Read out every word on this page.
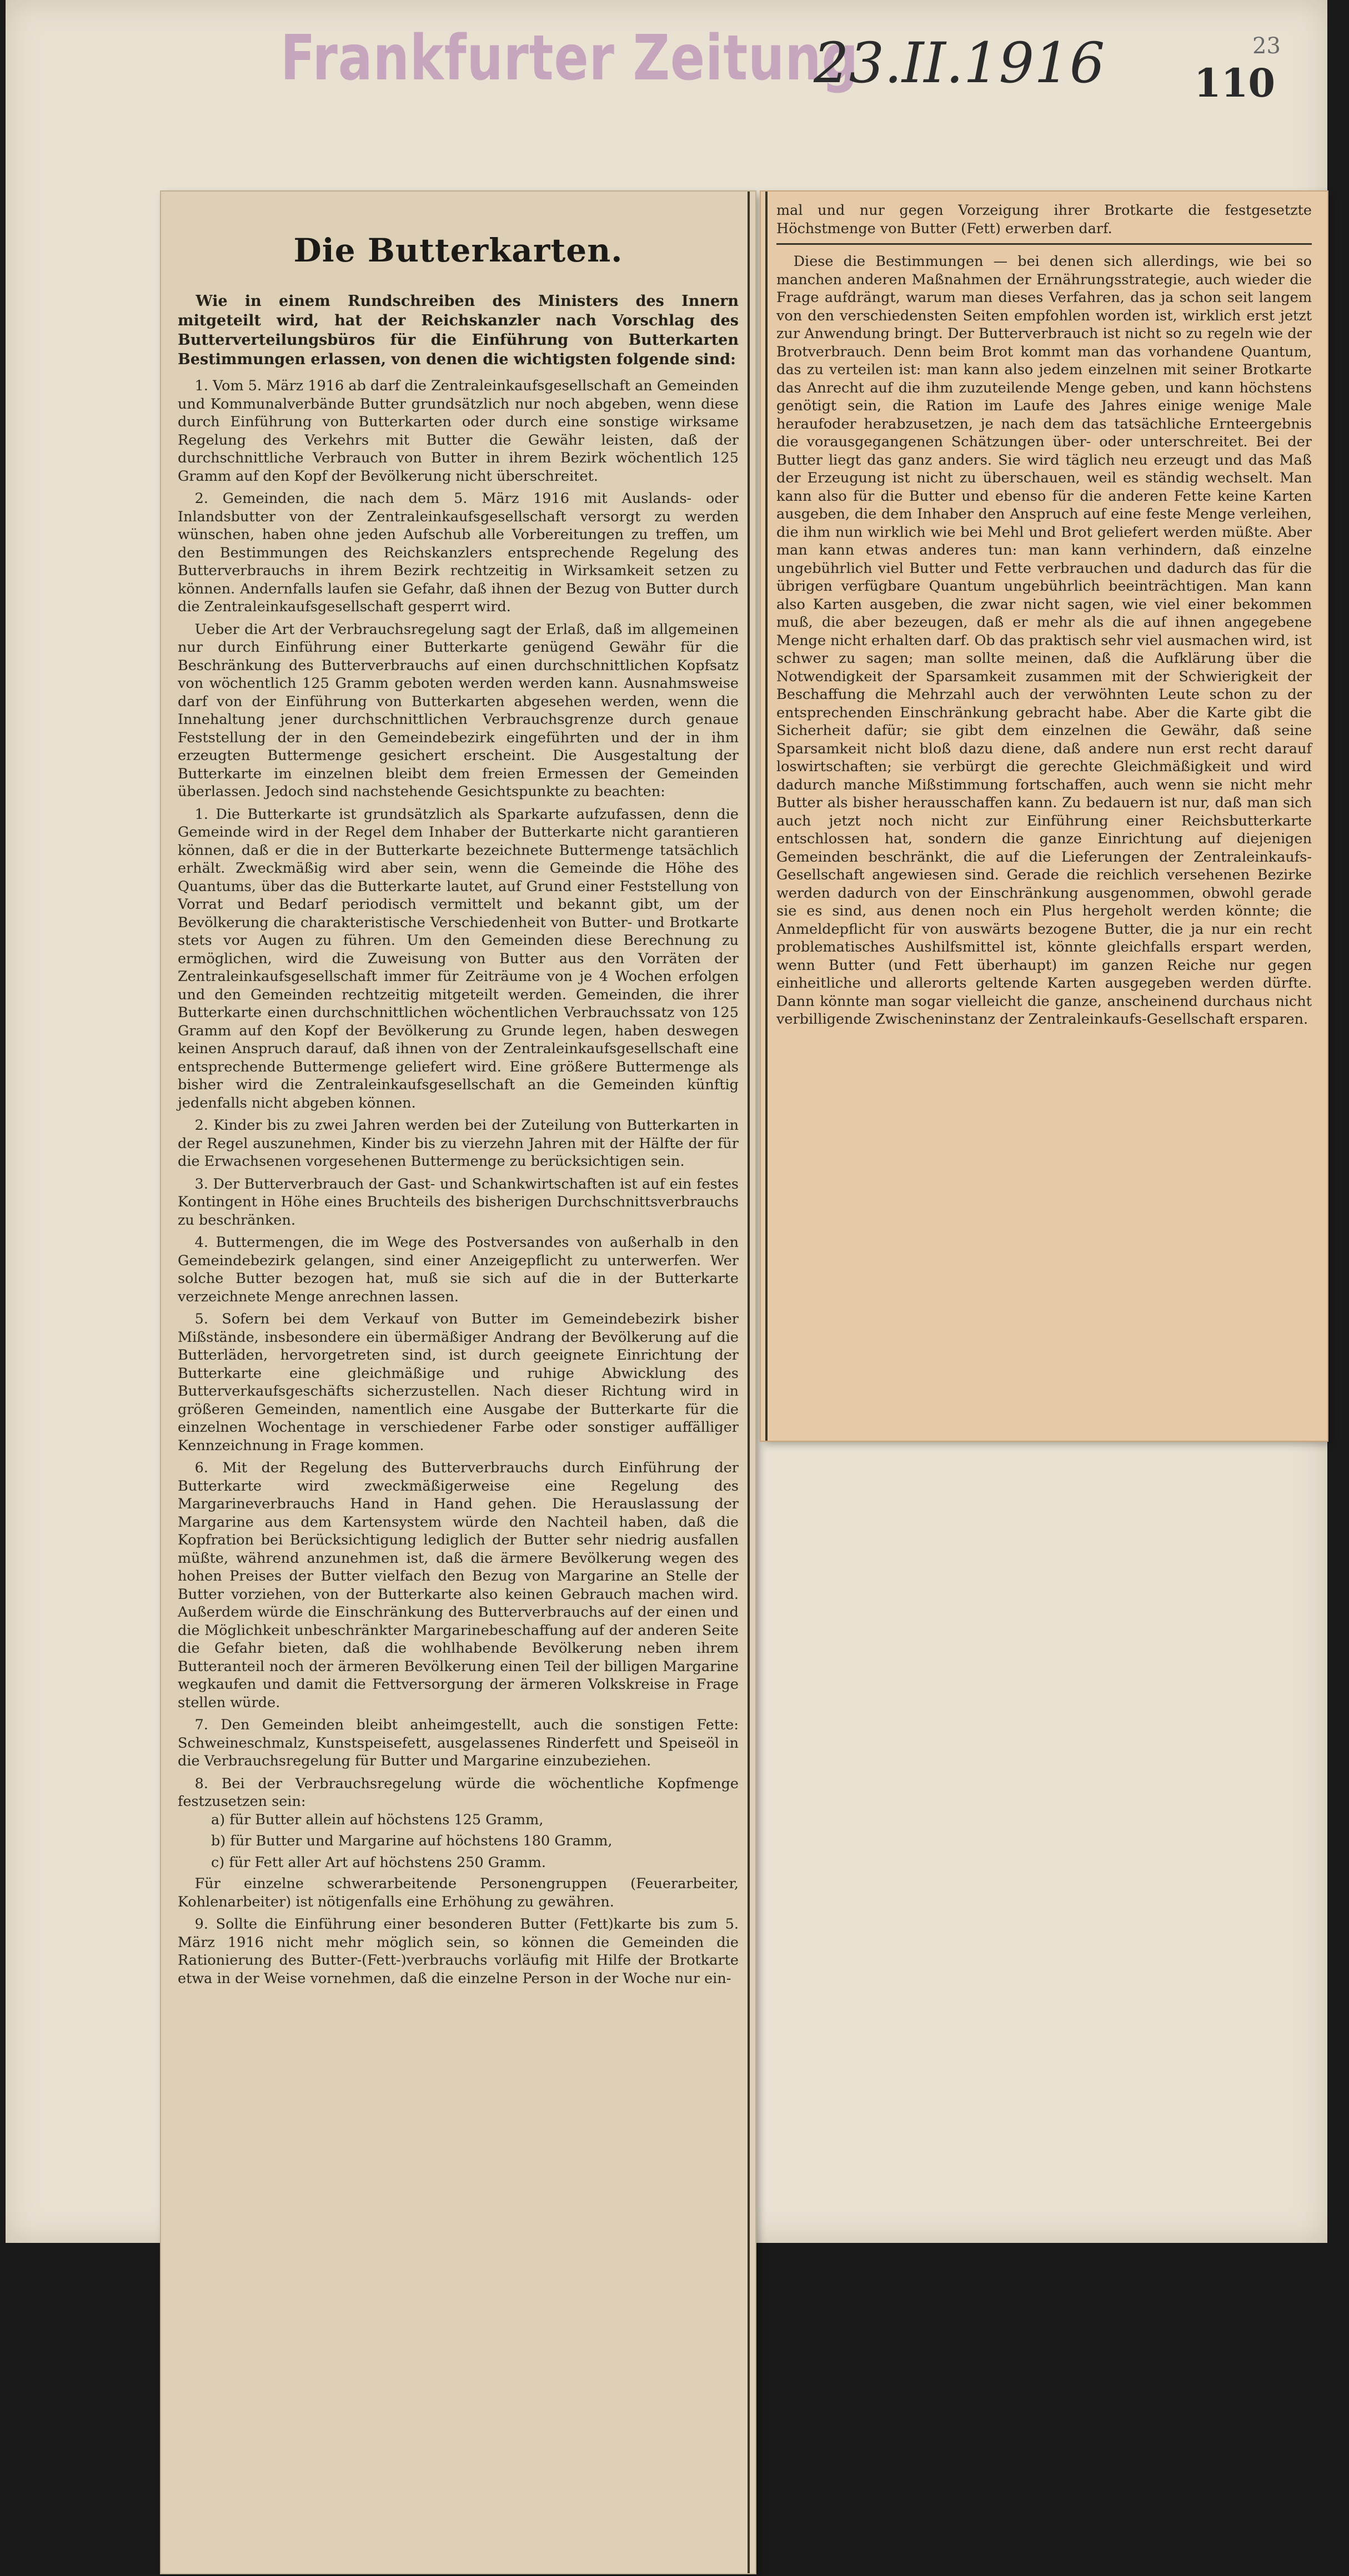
Frankfurter Zeitung
23.II.1916 110
23
Die Butterkarten.

Wie in einem Rundschreiben des Ministers des Innern mitgeteilt wird, hat der Reichskanzler nach Vorschlag des Butterverteilungsbüros für die Einführung von Butterkarten Bestimmungen erlassen, von denen die wichtigsten folgende sind:

1. Vom 5. März 1916 ab darf die Zentraleinkaufsgesellschaft an Gemeinden und Kommunalverbände Butter grundsätzlich nur noch abgeben, wenn diese durch Einführung von Butterkarten oder durch eine sonstige wirksame Regelung des Verkehrs mit Butter die Gewähr leisten, daß der durchschnittliche Verbrauch von Butter in ihrem Bezirk wöchentlich 125 Gramm auf den Kopf der Bevölkerung nicht überschreitet.

2. Gemeinden, die nach dem 5. März 1916 mit Auslands- oder Inlandsbutter von der Zentraleinkaufsgesellschaft versorgt zu werden wünschen, haben ohne jeden Aufschub alle Vorbereitungen zu treffen, um den Bestimmungen des Reichskanzlers entsprechende Regelung des Butterverbrauchs in ihrem Bezirk rechtzeitig in Wirksamkeit setzen zu können. Andernfalls laufen sie Gefahr, daß ihnen der Bezug von Butter durch die Zentraleinkaufsgesellschaft gesperrt wird.

Ueber die Art der Verbrauchsregelung sagt der Erlaß, daß im allgemeinen nur durch Einführung einer Butterkarte genügend Gewähr für die Beschränkung des Butterverbrauchs auf einen durchschnittlichen Kopfsatz von wöchentlich 125 Gramm geboten werden werden kann. Ausnahmsweise darf von der Einführung von Butterkarten abgesehen werden, wenn die Innehaltung jener durchschnittlichen Verbrauchsgrenze durch genaue Feststellung der in den Gemeindebezirk eingeführten und der in ihm erzeugten Buttermenge gesichert erscheint. Die Ausgestaltung der Butterkarte im einzelnen bleibt dem freien Ermessen der Gemeinden überlassen. Jedoch sind nachstehende Gesichtspunkte zu beachten:

1. Die Butterkarte ist grundsätzlich als Sparkarte aufzufassen, denn die Gemeinde wird in der Regel dem Inhaber der Butterkarte nicht garantieren können, daß er die in der Butterkarte bezeichnete Buttermenge tatsächlich erhält. Zweckmäßig wird aber sein, wenn die Gemeinde die Höhe des Quantums, über das die Butterkarte lautet, auf Grund einer Feststellung von Vorrat und Bedarf periodisch vermittelt und bekannt gibt, um der Bevölkerung die charakteristische Verschiedenheit von Butter- und Brotkarte stets vor Augen zu führen. Um den Gemeinden diese Berechnung zu ermöglichen, wird die Zuweisung von Butter aus den Vorräten der Zentraleinkaufsgesellschaft immer für Zeiträume von je 4 Wochen erfolgen und den Gemeinden rechtzeitig mitgeteilt werden. Gemeinden, die ihrer Butterkarte einen durchschnittlichen wöchentlichen Verbrauchssatz von 125 Gramm auf den Kopf der Bevölkerung zu Grunde legen, haben deswegen keinen Anspruch darauf, daß ihnen von der Zentraleinkaufsgesellschaft eine entsprechende Buttermenge geliefert wird. Eine größere Buttermenge als bisher wird die Zentraleinkaufsgesellschaft an die Gemeinden künftig jedenfalls nicht abgeben können.

2. Kinder bis zu zwei Jahren werden bei der Zuteilung von Butterkarten in der Regel auszunehmen, Kinder bis zu vierzehn Jahren mit der Hälfte der für die Erwachsenen vorgesehenen Buttermenge zu berücksichtigen sein.

3. Der Butterverbrauch der Gast- und Schankwirtschaften ist auf ein festes Kontingent in Höhe eines Bruchteils des bisherigen Durchschnittsverbrauchs zu beschränken.

4. Buttermengen, die im Wege des Postversandes von außerhalb in den Gemeindebezirk gelangen, sind einer Anzeigepflicht zu unterwerfen. Wer solche Butter bezogen hat, muß sie sich auf die in der Butterkarte verzeichnete Menge anrechnen lassen.

5. Sofern bei dem Verkauf von Butter im Gemeindebezirk bisher Mißstände, insbesondere ein übermäßiger Andrang der Bevölkerung auf die Butterläden, hervorgetreten sind, ist durch geeignete Einrichtung der Butterkarte eine gleichmäßige und ruhige Abwicklung des Butterverkaufsgeschäfts sicherzustellen. Nach dieser Richtung wird in größeren Gemeinden, namentlich eine Ausgabe der Butterkarte für die einzelnen Wochentage in verschiedener Farbe oder sonstiger auffälliger Kennzeichnung in Frage kommen.

6. Mit der Regelung des Butterverbrauchs durch Einführung der Butterkarte wird zweckmäßigerweise eine Regelung des Margarineverbrauchs Hand in Hand gehen. Die Herauslassung der Margarine aus dem Kartensystem würde den Nachteil haben, daß die Kopfration bei Berücksichtigung lediglich der Butter sehr niedrig ausfallen müßte, während anzunehmen ist, daß die ärmere Bevölkerung wegen des hohen Preises der Butter vielfach den Bezug von Margarine an Stelle der Butter vorziehen, von der Butterkarte also keinen Gebrauch machen wird. Außerdem würde die Einschränkung des Butterverbrauchs auf der einen und die Möglichkeit unbeschränkter Margarinebeschaffung auf der anderen Seite die Gefahr bieten, daß die wohlhabende Bevölkerung neben ihrem Butteranteil noch der ärmeren Bevölkerung einen Teil der billigen Margarine wegkaufen und damit die Fettversorgung der ärmeren Volkskreise in Frage stellen würde.

7. Den Gemeinden bleibt anheimgestellt, auch die sonstigen Fette: Schweineschmalz, Kunstspeisefett, ausgelassenes Rinderfett und Speiseöl in die Verbrauchsregelung für Butter und Margarine einzubeziehen.

8. Bei der Verbrauchsregelung würde die wöchentliche Kopfmenge festzusetzen sein:

a) für Butter allein auf höchstens 125 Gramm,

b) für Butter und Margarine auf höchstens 180 Gramm,

c) für Fett aller Art auf höchstens 250 Gramm.

Für einzelne schwerarbeitende Personengruppen (Feuerarbeiter, Kohlenarbeiter) ist nötigenfalls eine Erhöhung zu gewähren.

9. Sollte die Einführung einer besonderen Butter (Fett)karte bis zum 5. März 1916 nicht mehr möglich sein, so können die Gemeinden die Rationierung des Butter-(Fett-)verbrauchs vorläufig mit Hilfe der Brotkarte etwa in der Weise vornehmen, daß die einzelne Person in der Woche nur ein-

mal und nur gegen Vorzeigung ihrer Brotkarte die festgesetzte Höchstmenge von Butter (Fett) erwerben darf.

Diese die Bestimmungen — bei denen sich allerdings, wie bei so manchen anderen Maßnahmen der Ernährungsstrategie, auch wieder die Frage aufdrängt, warum man dieses Verfahren, das ja schon seit langem von den verschiedensten Seiten empfohlen worden ist, wirklich erst jetzt zur Anwendung bringt. Der Butterverbrauch ist nicht so zu regeln wie der Brotverbrauch. Denn beim Brot kommt man das vorhandene Quantum, das zu verteilen ist: man kann also jedem einzelnen mit seiner Brotkarte das Anrecht auf die ihm zuzuteilende Menge geben, und kann höchstens genötigt sein, die Ration im Laufe des Jahres einige wenige Male heraufoder herabzusetzen, je nach dem das tatsächliche Ernteergebnis die vorausgegangenen Schätzungen über- oder unterschreitet. Bei der Butter liegt das ganz anders. Sie wird täglich neu erzeugt und das Maß der Erzeugung ist nicht zu überschauen, weil es ständig wechselt. Man kann also für die Butter und ebenso für die anderen Fette keine Karten ausgeben, die dem Inhaber den Anspruch auf eine feste Menge verleihen, die ihm nun wirklich wie bei Mehl und Brot geliefert werden müßte. Aber man kann etwas anderes tun: man kann verhindern, daß einzelne ungebührlich viel Butter und Fette verbrauchen und dadurch das für die übrigen verfügbare Quantum ungebührlich beeinträchtigen. Man kann also Karten ausgeben, die zwar nicht sagen, wie viel einer bekommen muß, die aber bezeugen, daß er mehr als die auf ihnen angegebene Menge nicht erhalten darf. Ob das praktisch sehr viel ausmachen wird, ist schwer zu sagen; man sollte meinen, daß die Aufklärung über die Notwendigkeit der Sparsamkeit zusammen mit der Schwierigkeit der Beschaffung die Mehrzahl auch der verwöhnten Leute schon zu der entsprechenden Einschränkung gebracht habe. Aber die Karte gibt die Sicherheit dafür; sie gibt dem einzelnen die Gewähr, daß seine Sparsamkeit nicht bloß dazu diene, daß andere nun erst recht darauf loswirtschaften; sie verbürgt die gerechte Gleichmäßigkeit und wird dadurch manche Mißstimmung fortschaffen, auch wenn sie nicht mehr Butter als bisher herausschaffen kann. Zu bedauern ist nur, daß man sich auch jetzt noch nicht zur Einführung einer Reichsbutterkarte entschlossen hat, sondern die ganze Einrichtung auf diejenigen Gemeinden beschränkt, die auf die Lieferungen der Zentraleinkaufs-Gesellschaft angewiesen sind. Gerade die reichlich versehenen Bezirke werden dadurch von der Einschränkung ausgenommen, obwohl gerade sie es sind, aus denen noch ein Plus hergeholt werden könnte; die Anmeldepflicht für von auswärts bezogene Butter, die ja nur ein recht problematisches Aushilfsmittel ist, könnte gleichfalls erspart werden, wenn Butter (und Fett überhaupt) im ganzen Reiche nur gegen einheitliche und allerorts geltende Karten ausgegeben werden dürfte. Dann könnte man sogar vielleicht die ganze, anscheinend durchaus nicht verbilligende Zwischeninstanz der Zentraleinkaufs-Gesellschaft ersparen.
